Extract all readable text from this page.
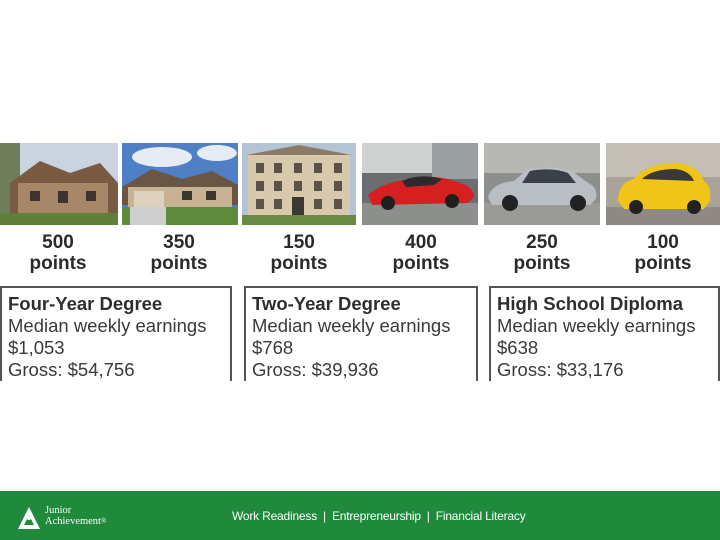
500
points
350
points
150
points
400
points
250
points
100
points
Four-Year Degree
Median weekly earnings
$1,053
Gross: $54,756
Two-Year Degree
Median weekly earnings
$768
Gross: $39,936
High School Diploma
Median weekly earnings
$638
Gross: $33,176
Junior
Achievement®	Work Readiness | Entrepreneurship | Financial Literacy
